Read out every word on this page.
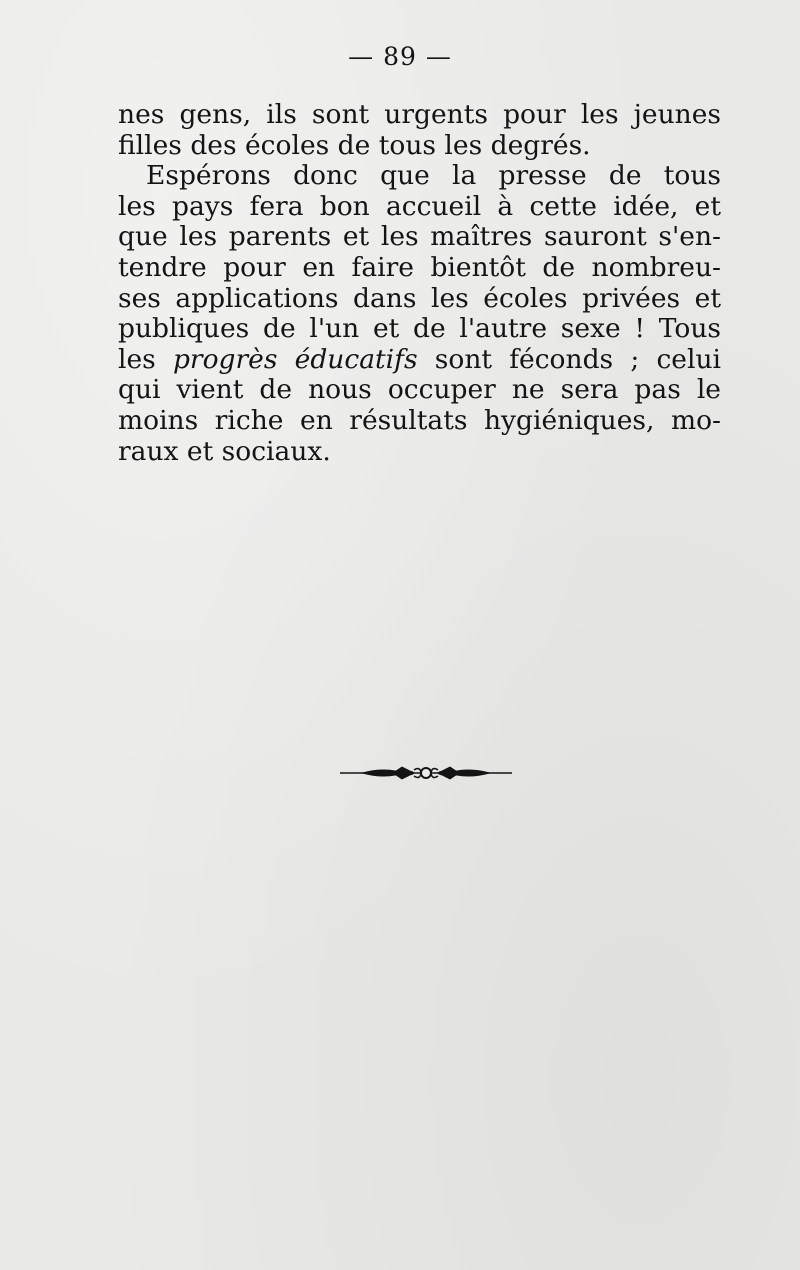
— 89 —
nes gens, ils sont urgents pour les jeunes
filles des écoles de tous les degrés.
Espérons donc que la presse de tous
les pays fera bon accueil à cette idée, et
que les parents et les maîtres sauront s'en-
tendre pour en faire bientôt de nombreu-
ses applications dans les écoles privées et
publiques de l'un et de l'autre sexe ! Tous
les progrès éducatifs sont féconds ; celui
qui vient de nous occuper ne sera pas le
moins riche en résultats hygiéniques, mo-
raux et sociaux.
